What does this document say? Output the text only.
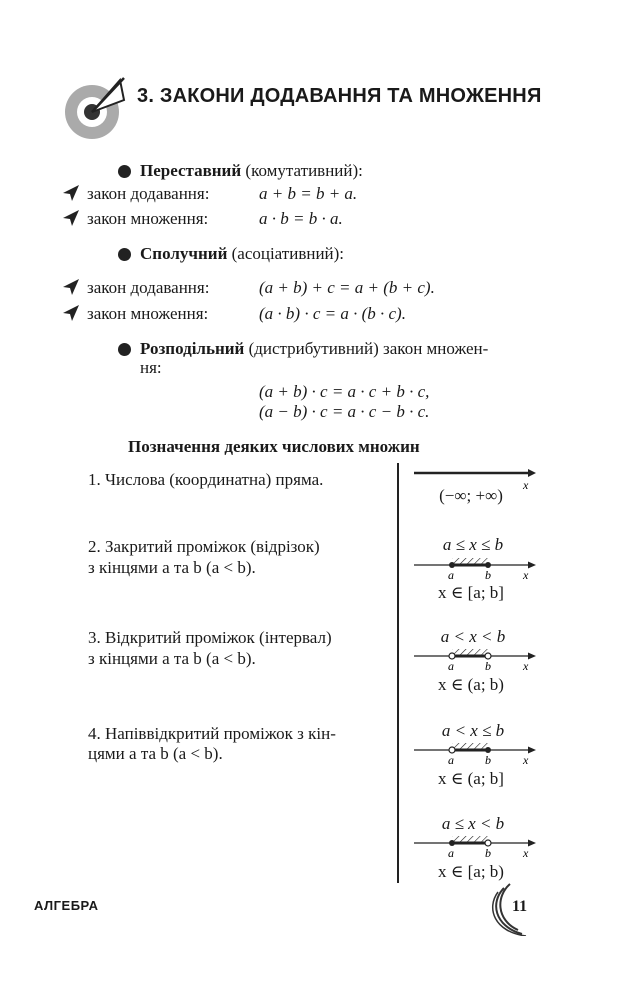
3. ЗАКОНИ ДОДАВАННЯ ТА МНОЖЕННЯ
Переставний (комутативний):
закон додавання:	a + b = b + a.
закон множення:	a · b = b · a.
Сполучний (асоціативний):
закон додавання:	(a + b) + c = a + (b + c).
закон множення:	(a · b) · c = a · (b · c).
Розподільний (дистрибутивний) закон множен-
ня:
(a + b) · c = a · c + b · c,
(a − b) · c = a · c − b · c.
Позначення деяких числових множин
1. Числова (координатна) пряма.	x
(−∞; +∞)
2. Закритий проміжок (відрізок)
з кінцями a та b (a < b).
a ≤ x ≤ b
a	b	x
x ∈ [a; b]
3. Відкритий проміжок (інтервал)
з кінцями a та b (a < b).
a < x < b
a	b	x
x ∈ (a; b)
4. Напіввідкритий проміжок з кін-
цями a та b (a < b).
a < x ≤ b
a	b	x
x ∈ (a; b]
a ≤ x < b
a	b	x
x ∈ [a; b)
АЛГЕБРА	11
